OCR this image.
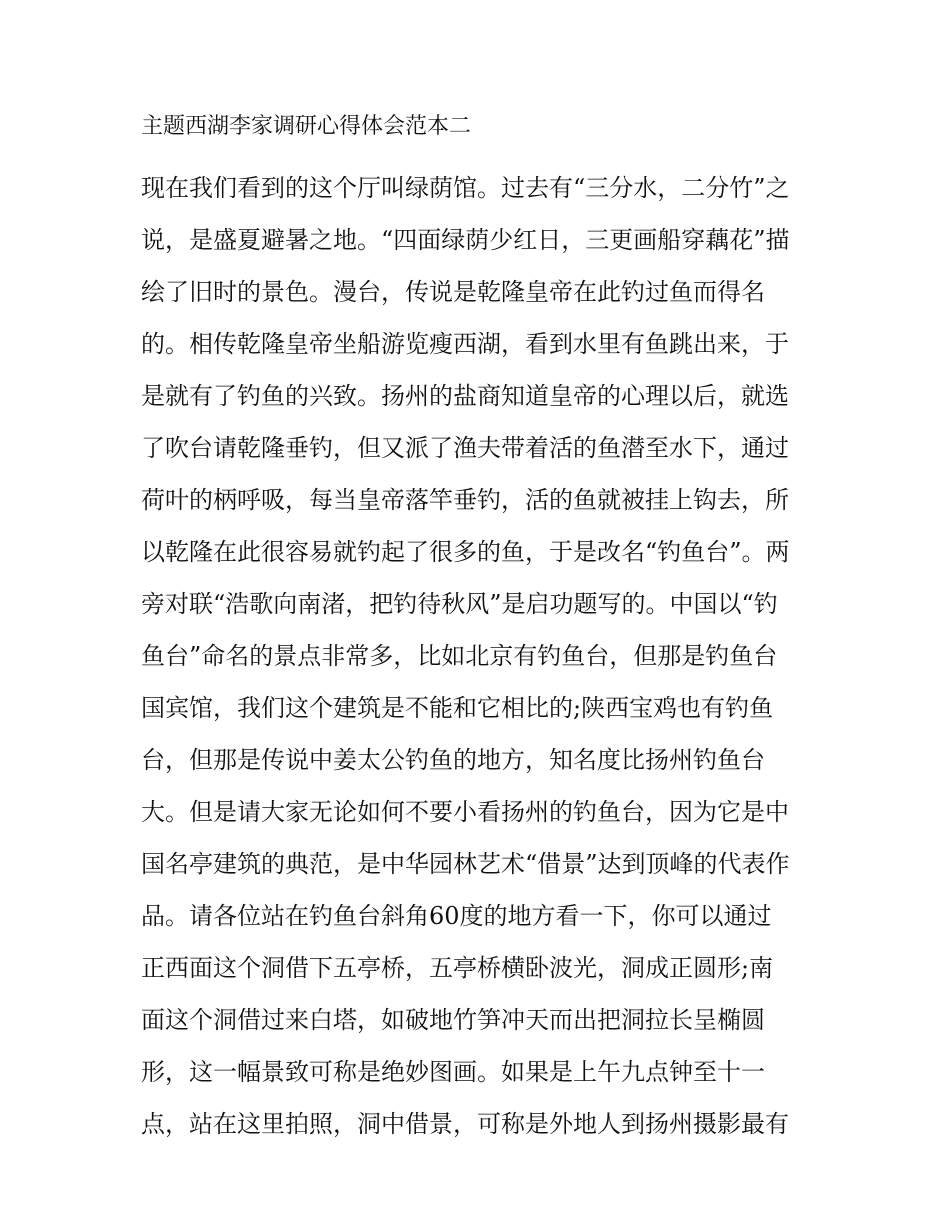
主题西湖李家调研心得体会范本二
现在我们看到的这个厅叫绿荫馆。过去有“三分水，二分竹”之
说，是盛夏避暑之地。“四面绿荫少红日，三更画船穿藕花”描
绘了旧时的景色。漫台，传说是乾隆皇帝在此钓过鱼而得名
的。相传乾隆皇帝坐船游览瘦西湖，看到水里有鱼跳出来，于
是就有了钓鱼的兴致。扬州的盐商知道皇帝的心理以后，就选
了吹台请乾隆垂钓，但又派了渔夫带着活的鱼潜至水下，通过
荷叶的柄呼吸，每当皇帝落竿垂钓，活的鱼就被挂上钩去，所
以乾隆在此很容易就钓起了很多的鱼，于是改名“钓鱼台”。两
旁对联“浩歌向南渚，把钓待秋风”是启功题写的。中国以“钓
鱼台”命名的景点非常多，比如北京有钓鱼台，但那是钓鱼台
国宾馆，我们这个建筑是不能和它相比的;陕西宝鸡也有钓鱼
台，但那是传说中姜太公钓鱼的地方，知名度比扬州钓鱼台
大。但是请大家无论如何不要小看扬州的钓鱼台，因为它是中
国名亭建筑的典范，是中华园林艺术“借景”达到顶峰的代表作
品。请各位站在钓鱼台斜角60度的地方看一下，你可以通过
正西面这个洞借下五亭桥，五亭桥横卧波光，洞成正圆形;南
面这个洞借过来白塔，如破地竹笋冲天而出把洞拉长呈椭圆
形，这一幅景致可称是绝妙图画。如果是上午九点钟至十一
点，站在这里拍照，洞中借景，可称是外地人到扬州摄影最有
